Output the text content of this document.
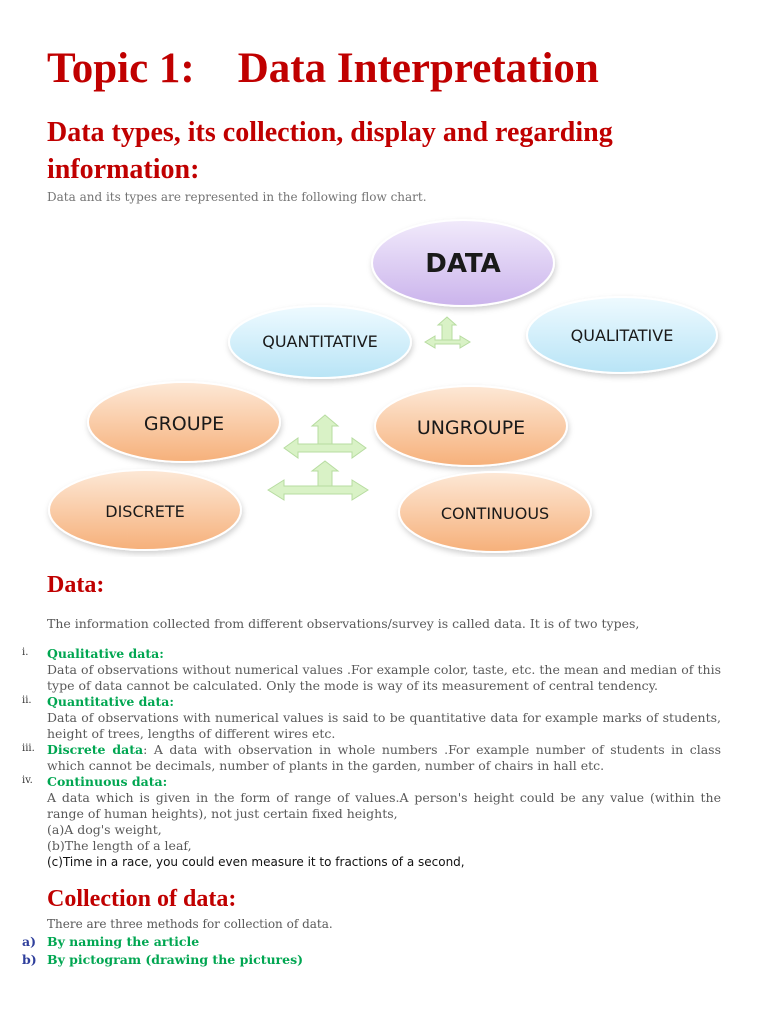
Topic 1:    Data Interpretation
Data types, its collection, display and regarding information:
Data and its types are represented in the following flow chart.
DATA
QUANTITATIVE	QUALITATIVE
GROUPE	UNGROUPE
DISCRETE	CONTINUOUS
Data:
The information collected from different observations/survey is called data. It is of two types,
i. Qualitative data:
Data of observations without numerical values .For example color, taste, etc. the mean and median of this type of data cannot be calculated. Only the mode is way of its measurement of central tendency.
ii. Quantitative data:
Data of observations with numerical values is said to be quantitative data for example marks of students, height of trees, lengths of different wires etc.
iii. Discrete data: A data with observation in whole numbers .For example number of students in class which cannot be decimals, number of plants in the garden, number of chairs in hall etc.
iv. Continuous data:
A data which is given in the form of range of values.A person's height could be any value (within the range of human heights), not just certain fixed heights,
(a)A dog's weight,
(b)The length of a leaf,
(c)Time in a race, you could even measure it to fractions of a second,
Collection of data:
There are three methods for collection of data.
a) By naming the article
b) By pictogram (drawing the pictures)
